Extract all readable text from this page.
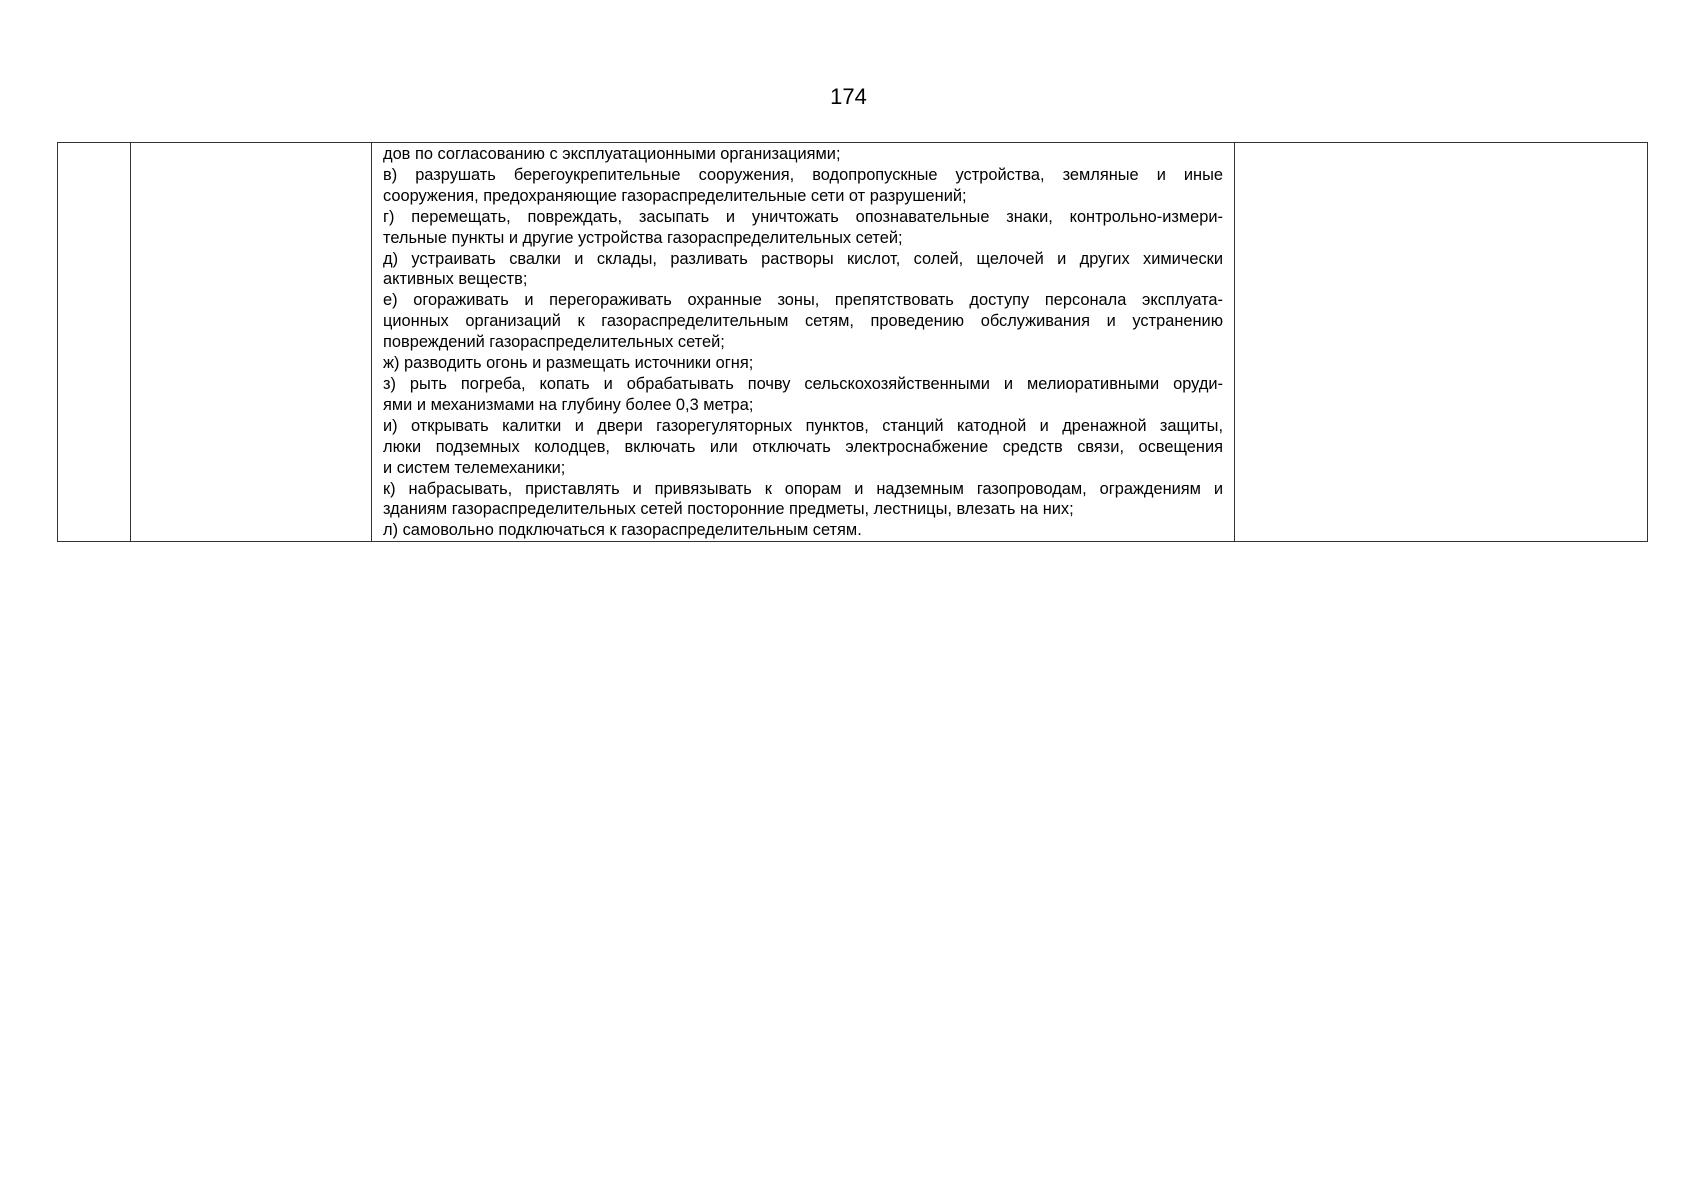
174

дов по согласованию с эксплуатационными организациями;
в) разрушать берегоукрепительные сооружения, водопропускные устройства, земляные и иные
сооружения, предохраняющие газораспределительные сети от разрушений;
г) перемещать, повреждать, засыпать и уничтожать опознавательные знаки, контрольно-измери-
тельные пункты и другие устройства газораспределительных сетей;
д) устраивать свалки и склады, разливать растворы кислот, солей, щелочей и других химически
активных веществ;
е) огораживать и перегораживать охранные зоны, препятствовать доступу персонала эксплуата-
ционных организаций к газораспределительным сетям, проведению обслуживания и устранению
повреждений газораспределительных сетей;
ж) разводить огонь и размещать источники огня;
з) рыть погреба, копать и обрабатывать почву сельскохозяйственными и мелиоративными оруди-
ями и механизмами на глубину более 0,3 метра;
и) открывать калитки и двери газорегуляторных пунктов, станций катодной и дренажной защиты,
люки подземных колодцев, включать или отключать электроснабжение средств связи, освещения
и систем телемеханики;
к) набрасывать, приставлять и привязывать к опорам и надземным газопроводам, ограждениям и
зданиям газораспределительных сетей посторонние предметы, лестницы, влезать на них;
л) самовольно подключаться к газораспределительным сетям.
